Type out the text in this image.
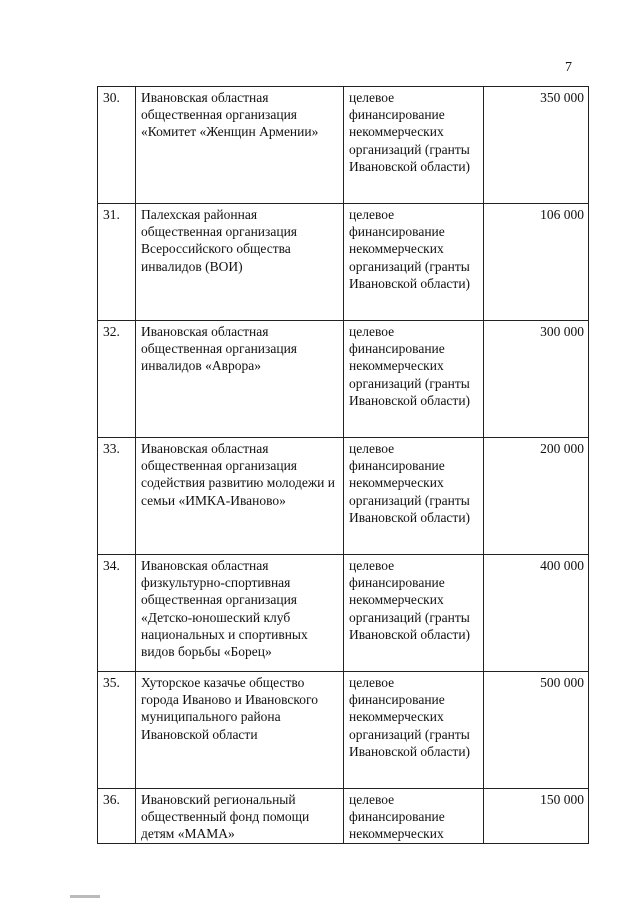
7
30.	Ивановская областная общественная организация «Комитет «Женщин Армении»	целевое финансирование некоммерческих организаций (гранты Ивановской области)	350 000
31.	Палехская районная общественная организация Всероссийского общества инвалидов (ВОИ)	целевое финансирование некоммерческих организаций (гранты Ивановской области)	106 000
32.	Ивановская областная общественная организация инвалидов «Аврора»	целевое финансирование некоммерческих организаций (гранты Ивановской области)	300 000
33.	Ивановская областная общественная организация содействия развитию молодежи и семьи «ИМКА-Иваново»	целевое финансирование некоммерческих организаций (гранты Ивановской области)	200 000
34.	Ивановская областная физкультурно-спортивная общественная организация «Детско-юношеский клуб национальных и спортивных видов борьбы «Борец»	целевое финансирование некоммерческих организаций (гранты Ивановской области)	400 000
35.	Хуторское казачье общество города Иваново и Ивановского муниципального района Ивановской области	целевое финансирование некоммерческих организаций (гранты Ивановской области)	500 000
36.	Ивановский региональный общественный фонд помощи детям «МАМА»	целевое финансирование некоммерческих	150 000
